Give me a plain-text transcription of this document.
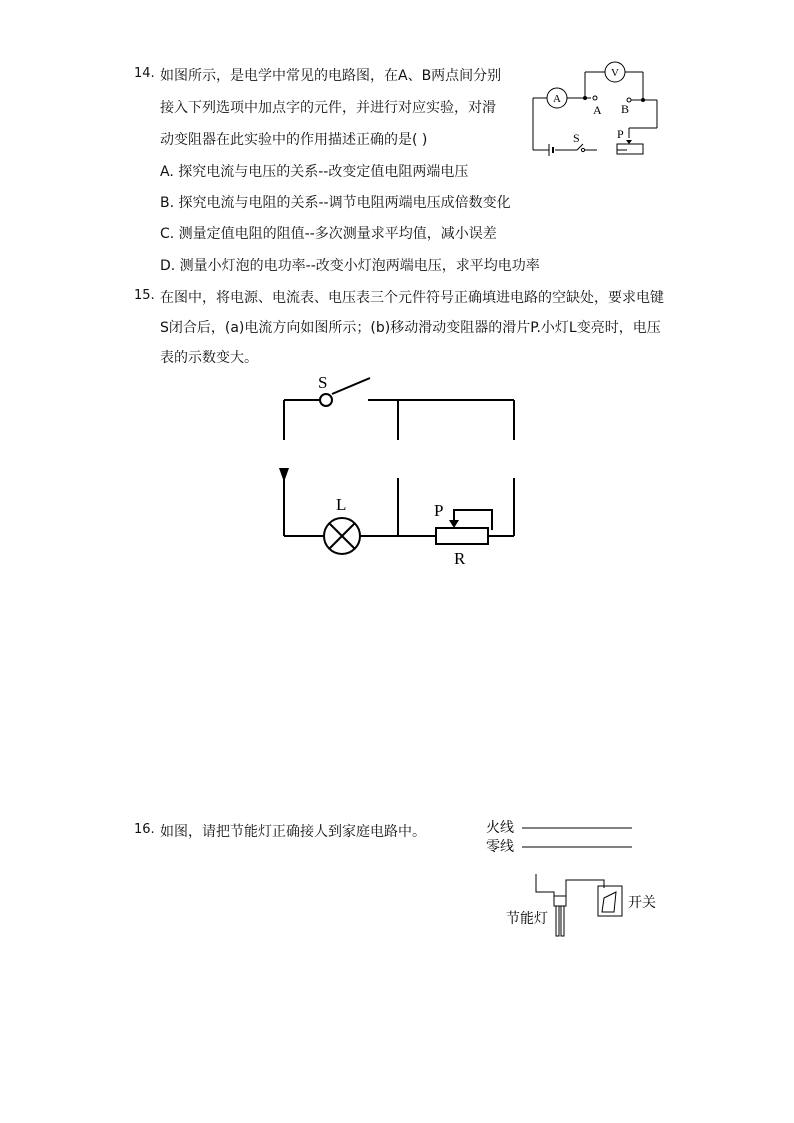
14. 如图所示，是电学中常见的电路图，在A、B两点间分别
接入下列选项中加点字的元件，并进行对应实验，对滑
动变阻器在此实验中的作用描述正确的是( )
A. 探究电流与电压的关系--改变定值电阻两端电压
B. 探究电流与电阻的关系--调节电阻两端电压成倍数变化
C. 测量定值电阻的阻值--多次测量求平均值，减小误差
D. 测量小灯泡的电功率--改变小灯泡两端电压，求平均电功率
A
V
A B
S	P
15. 在图中，将电源、电流表、电压表三个元件符号正确填进电路的空缺处，要求电键
S闭合后，(a)电流方向如图所示；(b)移动滑动变阻器的滑片P.小灯L变亮时，电压
表的示数变大。
S
L	P
R
16. 如图，请把节能灯正确接人到家庭电路中。	火线
零线
节能灯
开关
